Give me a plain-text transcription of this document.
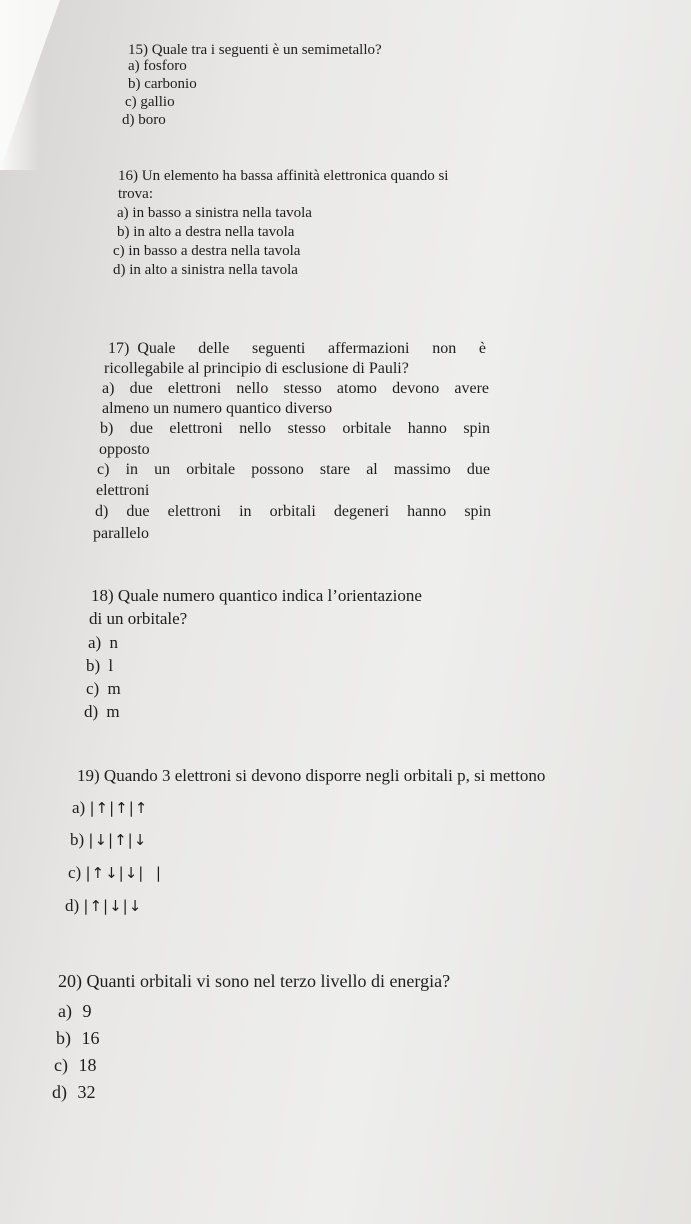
15) Quale tra i seguenti è un semimetallo?
a) fosforo
b) carbonio
c) gallio
d) boro
16) Un elemento ha bassa affinità elettronica quando si
trova:
a) in basso a sinistra nella tavola
b) in alto a destra nella tavola
c) in basso a destra nella tavola
d) in alto a sinistra nella tavola
17) Quale delle seguenti affermazioni non è
ricollegabile al principio di esclusione di Pauli?
a) due elettroni nello stesso atomo devono avere
almeno un numero quantico diverso
b) due elettroni nello stesso orbitale hanno spin
opposto
c) in un orbitale possono stare al massimo due
elettroni
d) due elettroni in orbitali degeneri hanno spin
parallelo
18) Quale numero quantico indica l’orientazione
di un orbitale?
a) n
b) l
c) m
d) m
19) Quando 3 elettroni si devono disporre negli orbitali p, si mettono
a) |↑|↑|↑
b) |↓|↑|↓
c) |↑↓|↓|  |
d) |↑|↓|↓
20) Quanti orbitali vi sono nel terzo livello di energia?
a) 9
b) 16
c) 18
d) 32
